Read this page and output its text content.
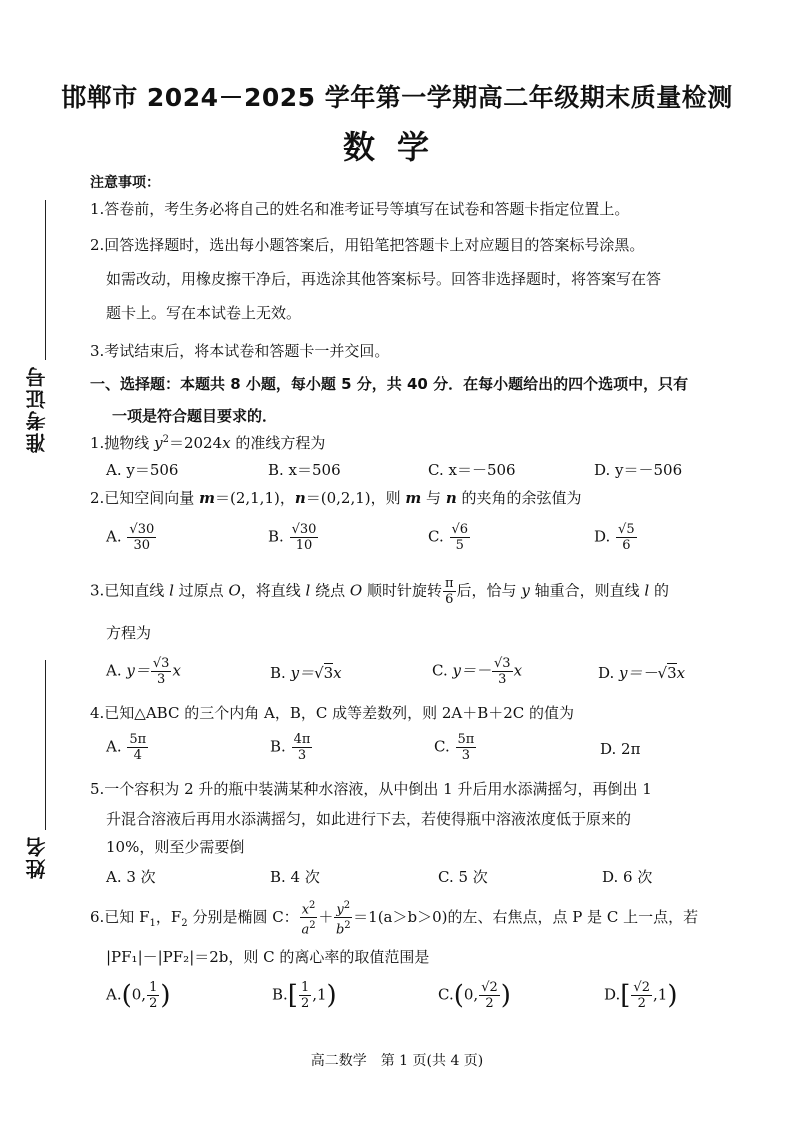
准考证号
姓名
邯郸市 2024－2025 学年第一学期高二年级期末质量检测
数学
注意事项：
1.答卷前，考生务必将自己的姓名和准考证号等填写在试卷和答题卡指定位置上。
2.回答选择题时，选出每小题答案后，用铅笔把答题卡上对应题目的答案标号涂黑。
如需改动，用橡皮擦干净后，再选涂其他答案标号。回答非选择题时，将答案写在答
题卡上。写在本试卷上无效。
3.考试结束后，将本试卷和答题卡一并交回。
一、选择题：本题共 8 小题，每小题 5 分，共 40 分．在每小题给出的四个选项中，只有
一项是符合题目要求的．
1.抛物线 $y^2=2024x$ 的准线方程为
A. y＝506	B. x＝506	C. x＝－506	D. y＝－506
2.已知空间向量 m＝(2,1,1)，n＝(0,2,1)，则 m 与 n 的夹角的余弦值为
A. $\frac{√30}{30}$	B. $\frac{√30}{10}$	C. $\frac{√6}{5}$	D. $\frac{√5}{6}$
3.已知直线 l 过原点 O，将直线 l 绕点 O 顺时针旋转 $\frac{\pi}{6}$ 后，恰与 y 轴重合，则直线 l 的
方程为
A. $y= \frac{√3}{3}$ x	B. y＝√3x	C. $y=- \frac{√3}{3}$ x	D. y＝－√3x
4.已知△ABC 的三个内角 A，B，C 成等差数列，则 2A＋B＋2C 的值为
A. $\frac{5\pi}{4}$	B. $\frac{4\pi}{3}$	C. $\frac{5\pi}{3}$	D. 2π
5.一个容积为 2 升的瓶中装满某种水溶液，从中倒出 1 升后用水添满摇匀，再倒出 1
升混合溶液后再用水添满摇匀，如此进行下去，若使得瓶中溶液浓度低于原来的
10%，则至少需要倒
A. 3 次	B. 4 次	C. 5 次	D. 6 次
6.已知 $F_1$，$F_2$ 分别是椭圆 C： $\frac{x^2}{a^2} + \frac{y^2}{b^2} =1(a>b>0)$的左、右焦点，点 P 是 C 上一点，若
|PF₁|－|PF₂|＝2b，则 C 的离心率的取值范围是
A.(0, $\frac{1}{2}$ )	$B.[ \frac{1}{2} ,1)$	C.(0, $\frac{√2}{2}$ )	$D.[ \frac{√2}{2} ,1)$
高二数学　第 1 页(共 4 页)
